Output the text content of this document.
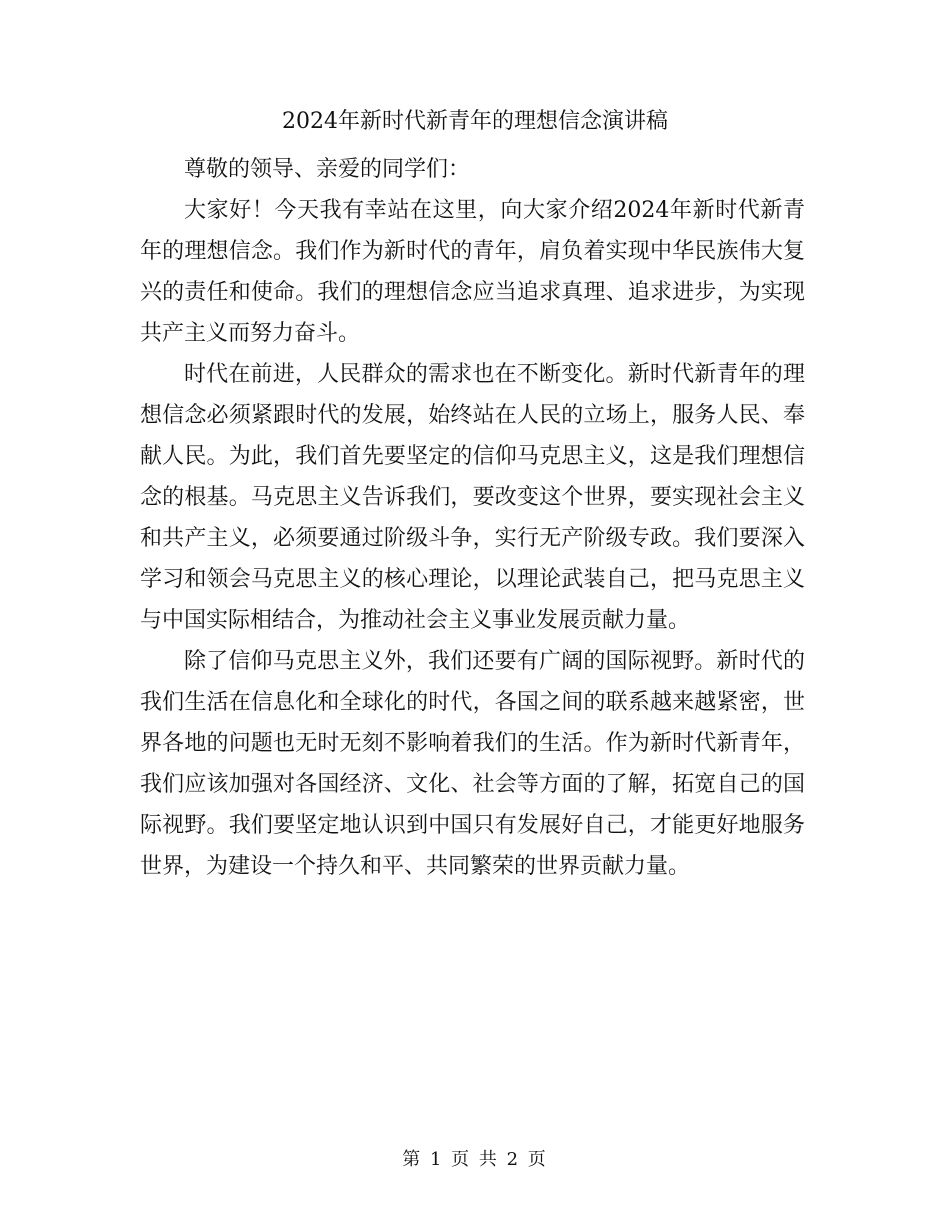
2024年新时代新青年的理想信念演讲稿

尊敬的领导、亲爱的同学们：

大家好！今天我有幸站在这里，向大家介绍2024年新时代新青年的理想信念。我们作为新时代的青年，肩负着实现中华民族伟大复兴的责任和使命。我们的理想信念应当追求真理、追求进步，为实现共产主义而努力奋斗。

时代在前进，人民群众的需求也在不断变化。新时代新青年的理想信念必须紧跟时代的发展，始终站在人民的立场上，服务人民、奉献人民。为此，我们首先要坚定的信仰马克思主义，这是我们理想信念的根基。马克思主义告诉我们，要改变这个世界，要实现社会主义和共产主义，必须要通过阶级斗争，实行无产阶级专政。我们要深入学习和领会马克思主义的核心理论，以理论武装自己，把马克思主义与中国实际相结合，为推动社会主义事业发展贡献力量。

除了信仰马克思主义外，我们还要有广阔的国际视野。新时代的我们生活在信息化和全球化的时代，各国之间的联系越来越紧密，世界各地的问题也无时无刻不影响着我们的生活。作为新时代新青年，我们应该加强对各国经济、文化、社会等方面的了解，拓宽自己的国际视野。我们要坚定地认识到中国只有发展好自己，才能更好地服务世界，为建设一个持久和平、共同繁荣的世界贡献力量。

第 1 页 共 2 页
